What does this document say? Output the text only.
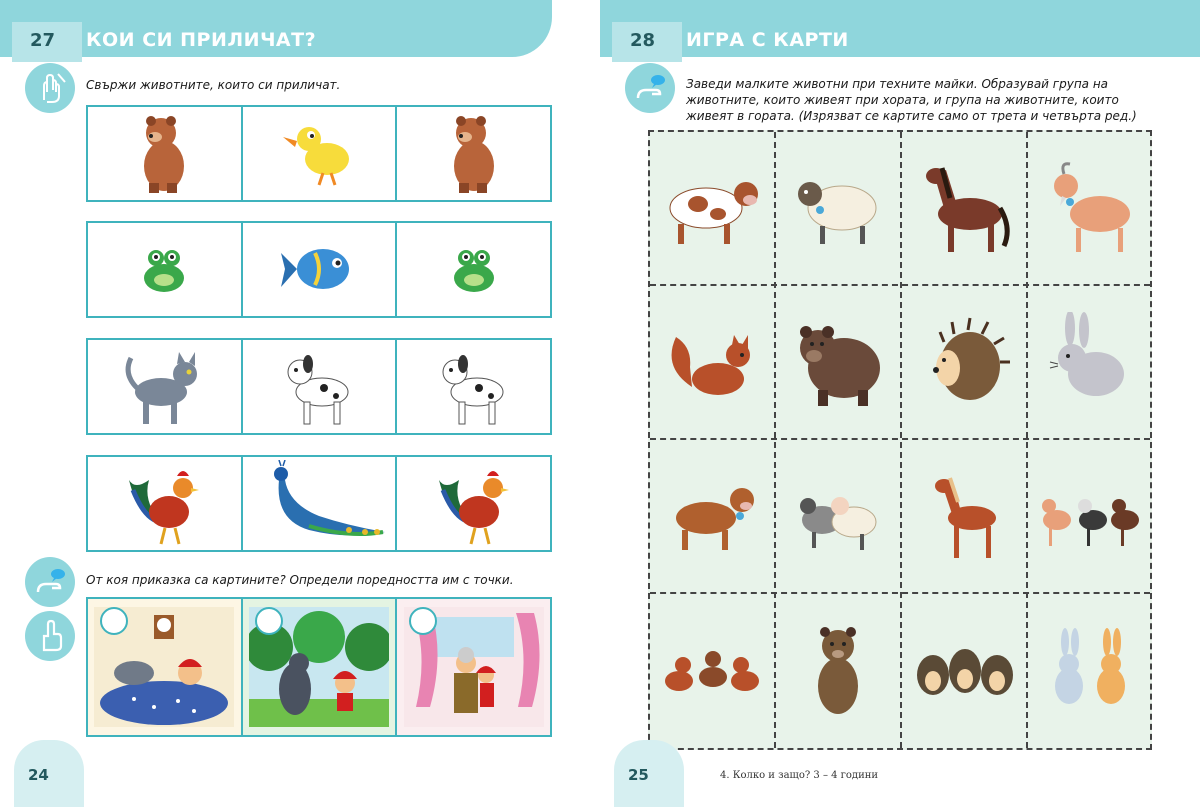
27 КОИ СИ ПРИЛИЧАТ?
Свържи животните, които си приличат.
От коя приказка са картините? Определи поредността им с точки.
24
28 ИГРА С КАРТИ
Заведи малките животни при техните майки. Образувай група на животните, които живеят при хората, и група на животните, които живеят в гората. (Изрязват се картите само от трета и четвърта ред.)
25	4. Колко и защо? 3 – 4 години
